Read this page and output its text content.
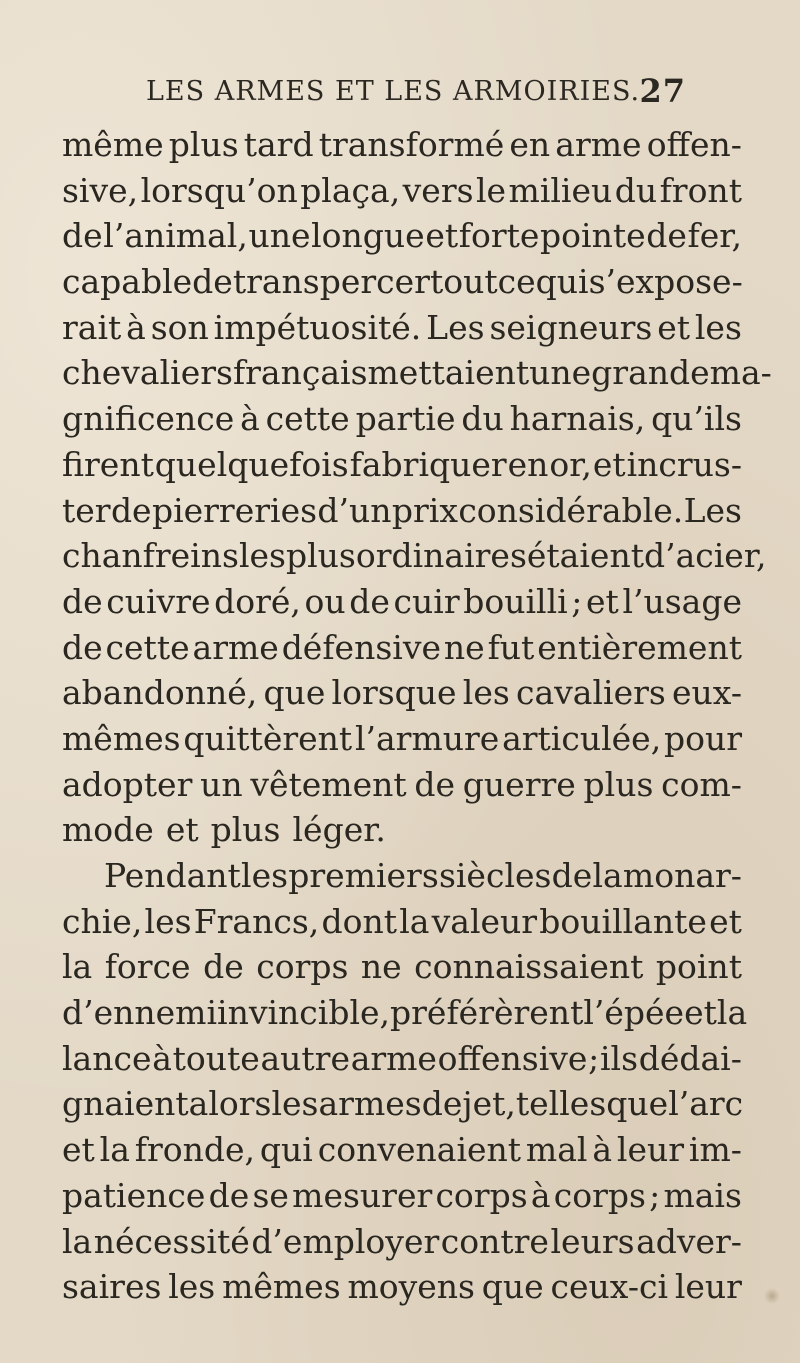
LES ARMES ET LES ARMOIRIES. 27
même plus tard transformé en arme offen-
sive, lorsqu’on plaça, vers le milieu du front
de l’animal, une longue et forte pointe de fer,
capable de transpercer tout ce qui s’expose-
rait à son impétuosité. Les seigneurs et les
chevaliers français mettaient une grande ma-
gnificence à cette partie du harnais, qu’ils
firent quelquefois fabriquer en or, et incrus-
ter de pierreries d’un prix considérable. Les
chanfreins les plus ordinaires étaient d’acier,
de cuivre doré, ou de cuir bouilli ; et l’usage
de cette arme défensive ne fut entièrement
abandonné, que lorsque les cavaliers eux-
mêmes quittèrent l’armure articulée, pour
adopter un vêtement de guerre plus com-
mode et plus léger.
Pendant les premiers siècles de la monar-
chie, les Francs, dont la valeur bouillante et
la force de corps ne connaissaient point
d’ennemi invincible, préférèrent l’épée et la
lance à toute autre arme offensive ; ils dédai-
gnaient alors les armes de jet, telles que l’arc
et la fronde, qui convenaient mal à leur im-
patience de se mesurer corps à corps ; mais
la nécessité d’employer contre leurs adver-
saires les mêmes moyens que ceux-ci leur
